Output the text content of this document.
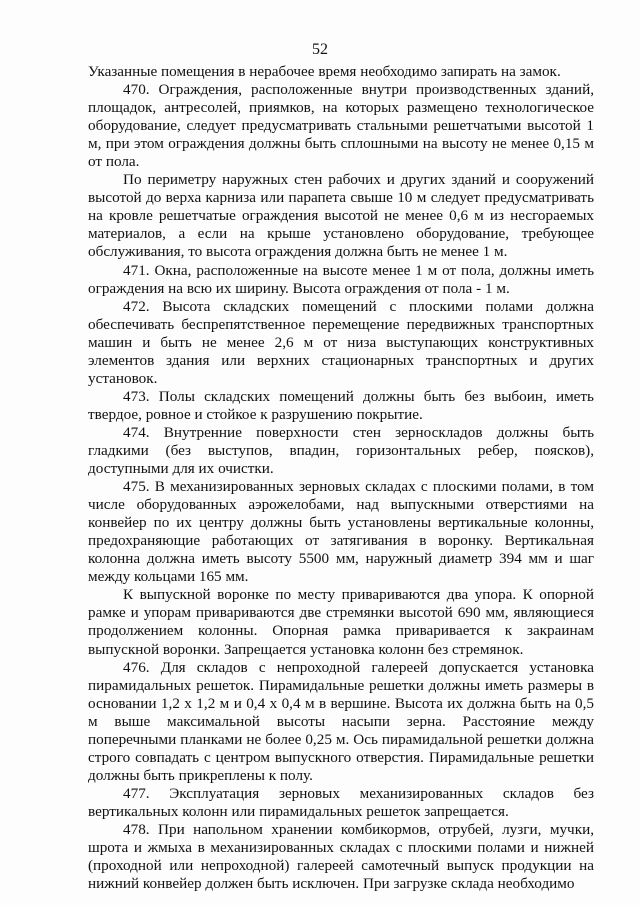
52

Указанные помещения в нерабочее время необходимо запирать на замок.

470. Ограждения, расположенные внутри производственных зданий, площадок, антресолей, приямков, на которых размещено технологическое оборудование, следует предусматривать стальными решетчатыми высотой 1 м, при этом ограждения должны быть сплошными на высоту не менее 0,15 м от пола.

По периметру наружных стен рабочих и других зданий и сооружений высотой до верха карниза или парапета свыше 10 м следует предусматривать на кровле решетчатые ограждения высотой не менее 0,6 м из несгораемых материалов, а если на крыше установлено оборудование, требующее обслуживания, то высота ограждения должна быть не менее 1 м.

471. Окна, расположенные на высоте менее 1 м от пола, должны иметь ограждения на всю их ширину. Высота ограждения от пола - 1 м.

472. Высота складских помещений с плоскими полами должна обеспечивать беспрепятственное перемещение передвижных транспортных машин и быть не менее 2,6 м от низа выступающих конструктивных элементов здания или верхних стационарных транспортных и других установок.

473. Полы складских помещений должны быть без выбоин, иметь твердое, ровное и стойкое к разрушению покрытие.

474. Внутренние поверхности стен зерноскладов должны быть гладкими (без выступов, впадин, горизонтальных ребер, поясков), доступными для их очистки.

475. В механизированных зерновых складах с плоскими полами, в том числе оборудованных аэрожелобами, над выпускными отверстиями на конвейер по их центру должны быть установлены вертикальные колонны, предохраняющие работающих от затягивания в воронку. Вертикальная колонна должна иметь высоту 5500 мм, наружный диаметр 394 мм и шаг между кольцами 165 мм.

К выпускной воронке по месту привариваются два упора. К опорной рамке и упорам привариваются две стремянки высотой 690 мм, являющиеся продолжением колонны. Опорная рамка приваривается к закраинам выпускной воронки. Запрещается установка колонн без стремянок.

476. Для складов с непроходной галереей допускается установка пирамидальных решеток. Пирамидальные решетки должны иметь размеры в основании 1,2 х 1,2 м и 0,4 х 0,4 м в вершине. Высота их должна быть на 0,5 м выше максимальной высоты насыпи зерна. Расстояние между поперечными планками не более 0,25 м. Ось пирамидальной решетки должна строго совпадать с центром выпускного отверстия. Пирамидальные решетки должны быть прикреплены к полу.

477. Эксплуатация зерновых механизированных складов без вертикальных колонн или пирамидальных решеток запрещается.

478. При напольном хранении комбикормов, отрубей, лузги, мучки, шрота и жмыха в механизированных складах с плоскими полами и нижней (проходной или непроходной) галереей самотечный выпуск продукции на нижний конвейер должен быть исключен. При загрузке склада необходимо
